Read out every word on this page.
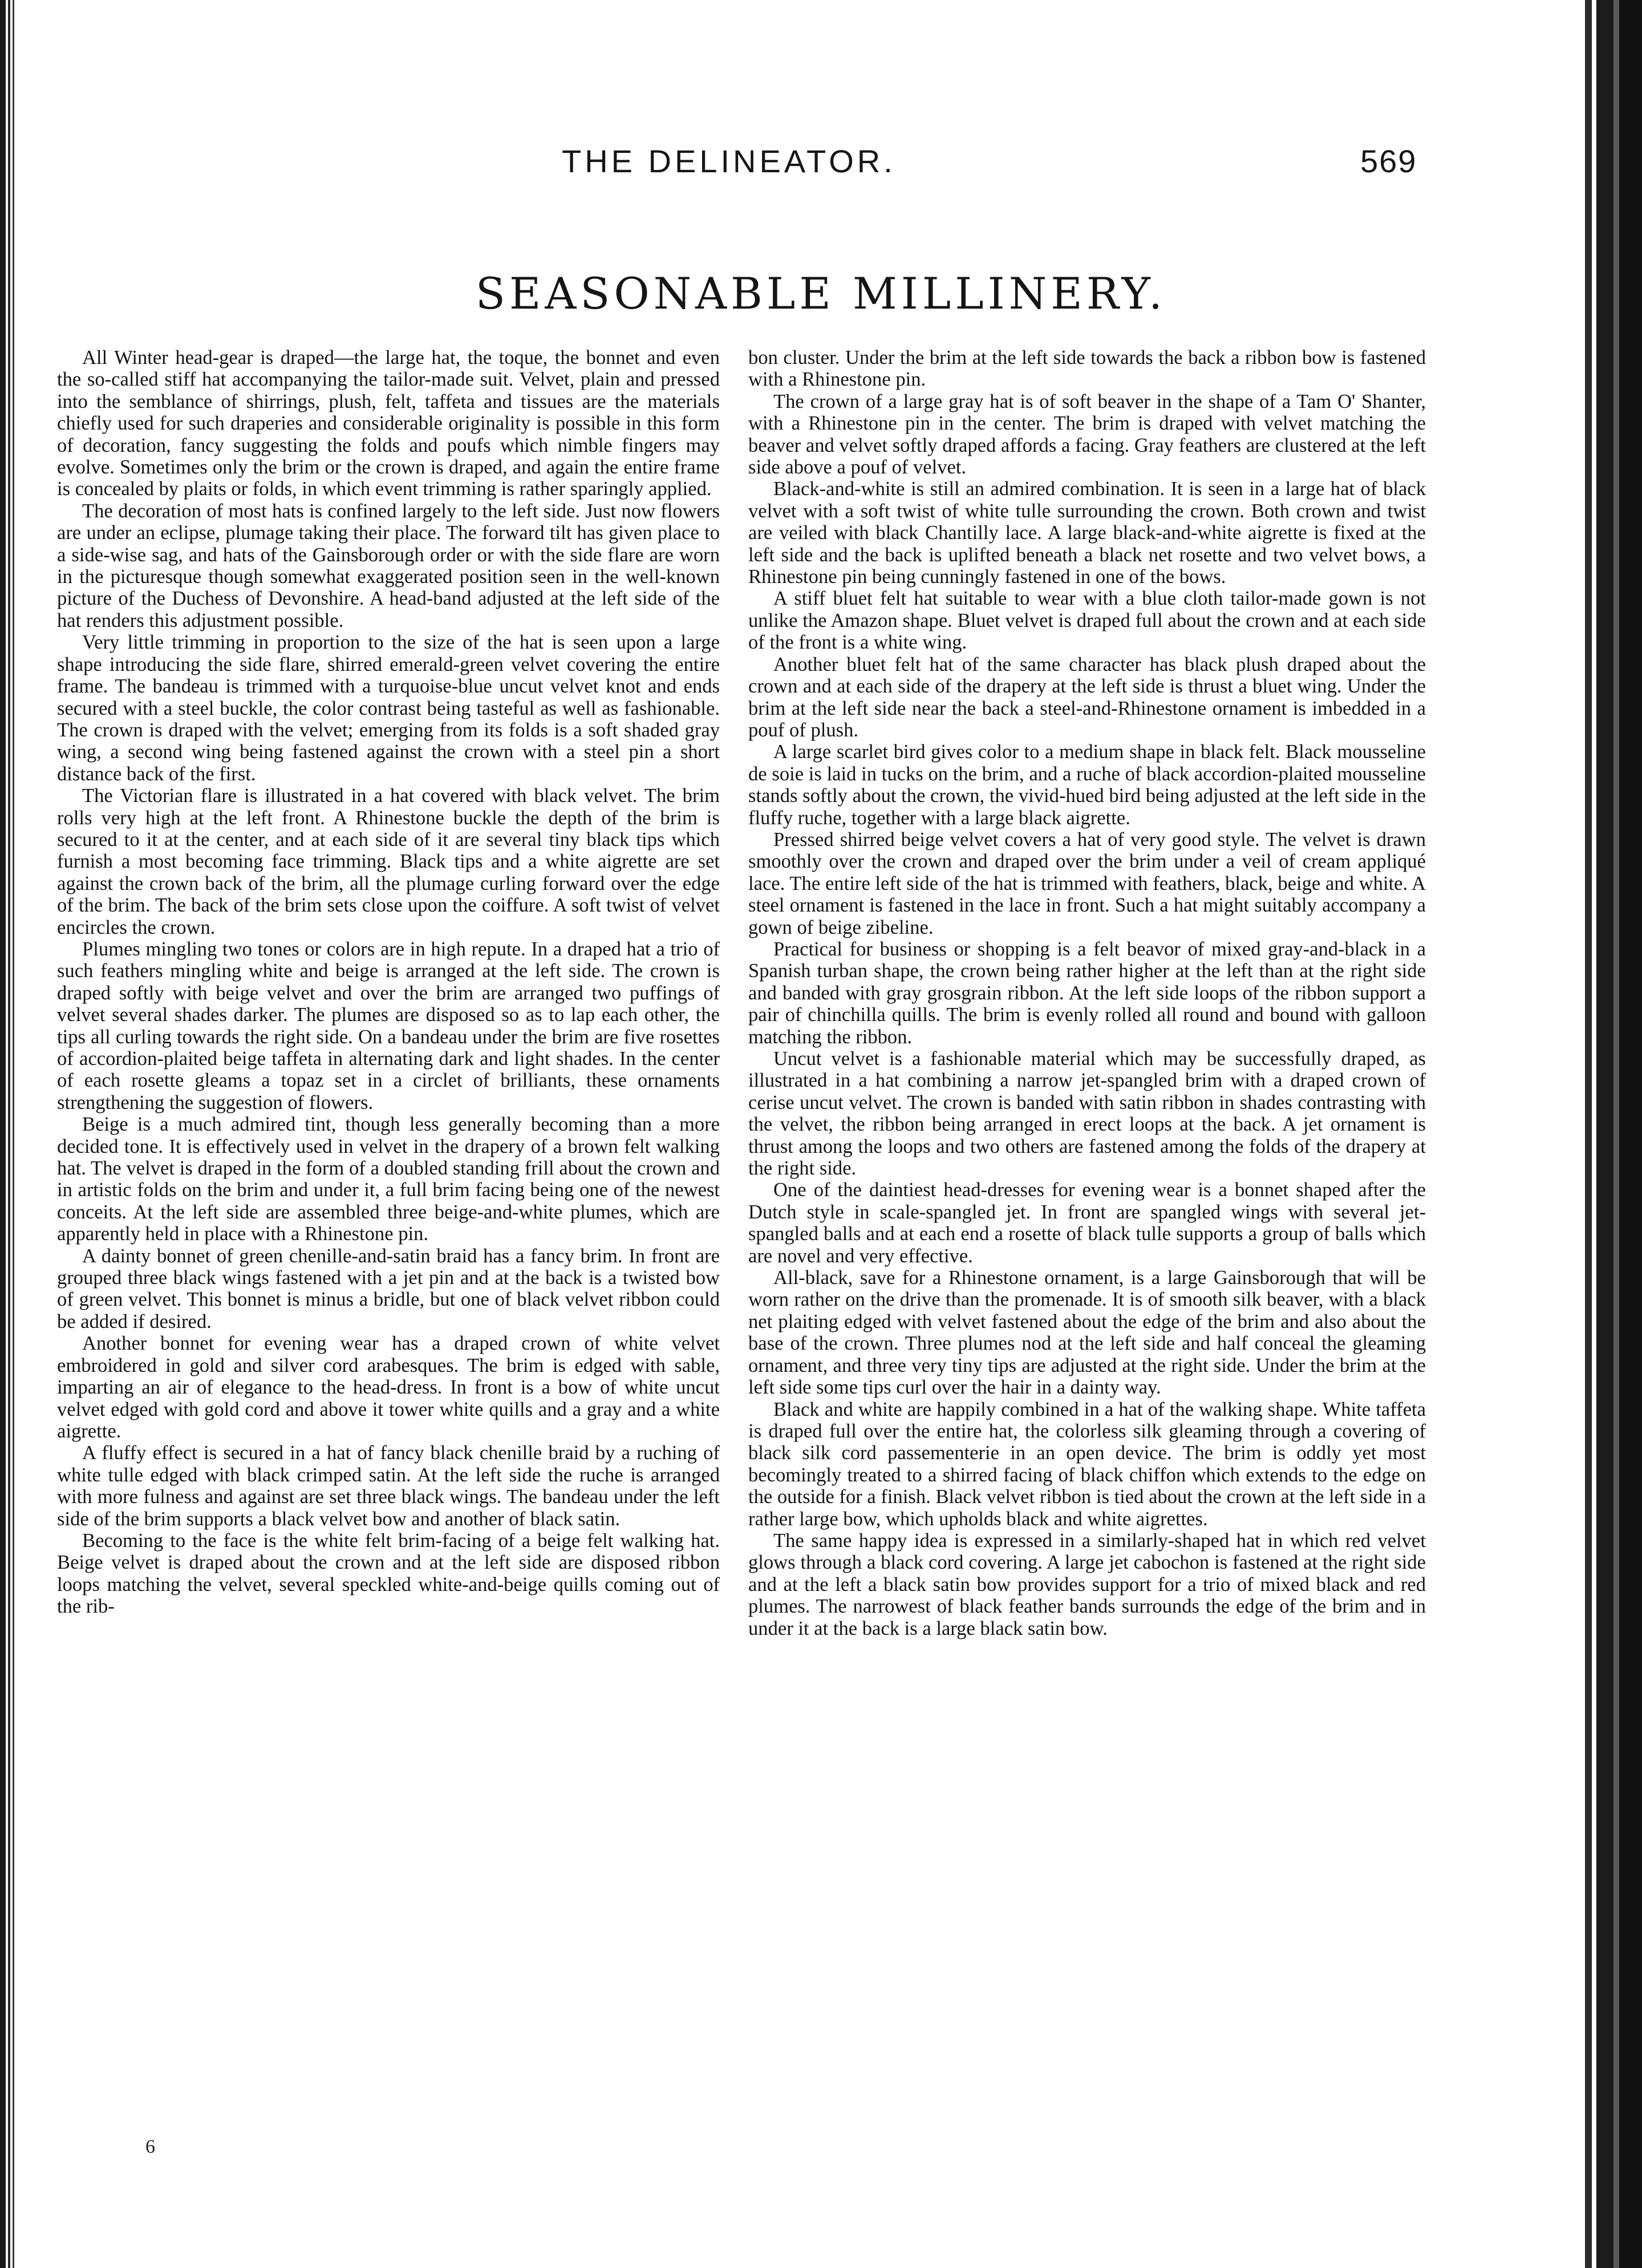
THE DELINEATOR.	569
SEASONABLE MILLINERY.

All Winter head-gear is draped—the large hat, the toque, the bonnet and even the so-called stiff hat accompanying the tailor-made suit. Velvet, plain and pressed into the semblance of shirrings, plush, felt, taffeta and tissues are the materials chiefly used for such draperies and considerable originality is possible in this form of decoration, fancy suggesting the folds and poufs which nimble fingers may evolve. Sometimes only the brim or the crown is draped, and again the entire frame is concealed by plaits or folds, in which event trimming is rather sparingly applied.

The decoration of most hats is confined largely to the left side. Just now flowers are under an eclipse, plumage taking their place. The forward tilt has given place to a side-wise sag, and hats of the Gainsborough order or with the side flare are worn in the picturesque though somewhat exaggerated position seen in the well-known picture of the Duchess of Devonshire. A head-band adjusted at the left side of the hat renders this adjustment possible.

Very little trimming in proportion to the size of the hat is seen upon a large shape introducing the side flare, shirred emerald-green velvet covering the entire frame. The bandeau is trimmed with a turquoise-blue uncut velvet knot and ends secured with a steel buckle, the color contrast being tasteful as well as fashionable. The crown is draped with the velvet; emerging from its folds is a soft shaded gray wing, a second wing being fastened against the crown with a steel pin a short distance back of the first.

The Victorian flare is illustrated in a hat covered with black velvet. The brim rolls very high at the left front. A Rhinestone buckle the depth of the brim is secured to it at the center, and at each side of it are several tiny black tips which furnish a most becoming face trimming. Black tips and a white aigrette are set against the crown back of the brim, all the plumage curling forward over the edge of the brim. The back of the brim sets close upon the coiffure. A soft twist of velvet encircles the crown.

Plumes mingling two tones or colors are in high repute. In a draped hat a trio of such feathers mingling white and beige is arranged at the left side. The crown is draped softly with beige velvet and over the brim are arranged two puffings of velvet several shades darker. The plumes are disposed so as to lap each other, the tips all curling towards the right side. On a bandeau under the brim are five rosettes of accordion-plaited beige taffeta in alternating dark and light shades. In the center of each rosette gleams a topaz set in a circlet of brilliants, these ornaments strengthening the suggestion of flowers.

Beige is a much admired tint, though less generally becoming than a more decided tone. It is effectively used in velvet in the drapery of a brown felt walking hat. The velvet is draped in the form of a doubled standing frill about the crown and in artistic folds on the brim and under it, a full brim facing being one of the newest conceits. At the left side are assembled three beige-and-white plumes, which are apparently held in place with a Rhinestone pin.

A dainty bonnet of green chenille-and-satin braid has a fancy brim. In front are grouped three black wings fastened with a jet pin and at the back is a twisted bow of green velvet. This bonnet is minus a bridle, but one of black velvet ribbon could be added if desired.

Another bonnet for evening wear has a draped crown of white velvet embroidered in gold and silver cord arabesques. The brim is edged with sable, imparting an air of elegance to the head-dress. In front is a bow of white uncut velvet edged with gold cord and above it tower white quills and a gray and a white aigrette.

A fluffy effect is secured in a hat of fancy black chenille braid by a ruching of white tulle edged with black crimped satin. At the left side the ruche is arranged with more fulness and against are set three black wings. The bandeau under the left side of the brim supports a black velvet bow and another of black satin.

Becoming to the face is the white felt brim-facing of a beige felt walking hat. Beige velvet is draped about the crown and at the left side are disposed ribbon loops matching the velvet, several speckled white-and-beige quills coming out of the rib-

bon cluster. Under the brim at the left side towards the back a ribbon bow is fastened with a Rhinestone pin.

The crown of a large gray hat is of soft beaver in the shape of a Tam O' Shanter, with a Rhinestone pin in the center. The brim is draped with velvet matching the beaver and velvet softly draped affords a facing. Gray feathers are clustered at the left side above a pouf of velvet.

Black-and-white is still an admired combination. It is seen in a large hat of black velvet with a soft twist of white tulle surrounding the crown. Both crown and twist are veiled with black Chantilly lace. A large black-and-white aigrette is fixed at the left side and the back is uplifted beneath a black net rosette and two velvet bows, a Rhinestone pin being cunningly fastened in one of the bows.

A stiff bluet felt hat suitable to wear with a blue cloth tailor-made gown is not unlike the Amazon shape. Bluet velvet is draped full about the crown and at each side of the front is a white wing.

Another bluet felt hat of the same character has black plush draped about the crown and at each side of the drapery at the left side is thrust a bluet wing. Under the brim at the left side near the back a steel-and-Rhinestone ornament is imbedded in a pouf of plush.

A large scarlet bird gives color to a medium shape in black felt. Black mousseline de soie is laid in tucks on the brim, and a ruche of black accordion-plaited mousseline stands softly about the crown, the vivid-hued bird being adjusted at the left side in the fluffy ruche, together with a large black aigrette.

Pressed shirred beige velvet covers a hat of very good style. The velvet is drawn smoothly over the crown and draped over the brim under a veil of cream appliqué lace. The entire left side of the hat is trimmed with feathers, black, beige and white. A steel ornament is fastened in the lace in front. Such a hat might suitably accompany a gown of beige zibeline.

Practical for business or shopping is a felt beavor of mixed gray-and-black in a Spanish turban shape, the crown being rather higher at the left than at the right side and banded with gray grosgrain ribbon. At the left side loops of the ribbon support a pair of chinchilla quills. The brim is evenly rolled all round and bound with galloon matching the ribbon.

Uncut velvet is a fashionable material which may be successfully draped, as illustrated in a hat combining a narrow jet-spangled brim with a draped crown of cerise uncut velvet. The crown is banded with satin ribbon in shades contrasting with the velvet, the ribbon being arranged in erect loops at the back. A jet ornament is thrust among the loops and two others are fastened among the folds of the drapery at the right side.

One of the daintiest head-dresses for evening wear is a bonnet shaped after the Dutch style in scale-spangled jet. In front are spangled wings with several jet-spangled balls and at each end a rosette of black tulle supports a group of balls which are novel and very effective.

All-black, save for a Rhinestone ornament, is a large Gainsborough that will be worn rather on the drive than the promenade. It is of smooth silk beaver, with a black net plaiting edged with velvet fastened about the edge of the brim and also about the base of the crown. Three plumes nod at the left side and half conceal the gleaming ornament, and three very tiny tips are adjusted at the right side. Under the brim at the left side some tips curl over the hair in a dainty way.

Black and white are happily combined in a hat of the walking shape. White taffeta is draped full over the entire hat, the colorless silk gleaming through a covering of black silk cord passementerie in an open device. The brim is oddly yet most becomingly treated to a shirred facing of black chiffon which extends to the edge on the outside for a finish. Black velvet ribbon is tied about the crown at the left side in a rather large bow, which upholds black and white aigrettes.

The same happy idea is expressed in a similarly-shaped hat in which red velvet glows through a black cord covering. A large jet cabochon is fastened at the right side and at the left a black satin bow provides support for a trio of mixed black and red plumes. The narrowest of black feather bands surrounds the edge of the brim and in under it at the back is a large black satin bow.

6
